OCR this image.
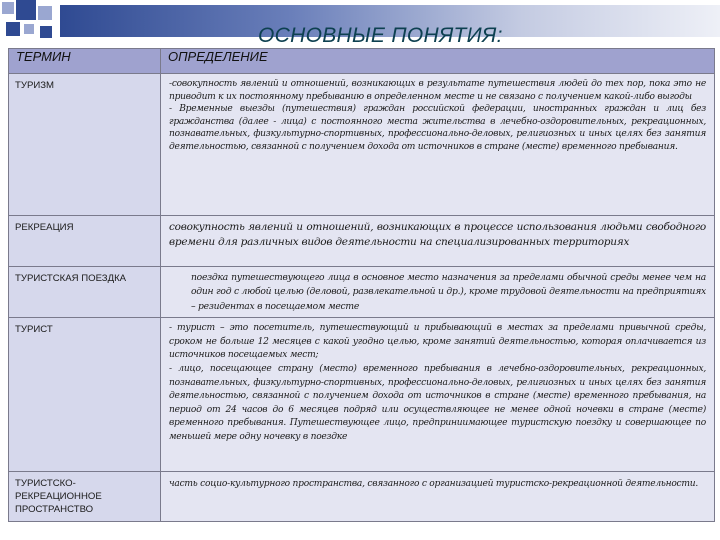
ОСНОВНЫЕ ПОНЯТИЯ:
ТЕРМИН	ОПРЕДЕЛЕНИЕ
ТУРИЗМ	-совокупность явлений и отношений, возникающих в результате путешествия людей до тех пор, пока это не приводит к их постоянному пребыванию в определенном месте и не связано с получением какой-либо выгоды

- Временные выезды (путешествия) граждан российской федерации, иностранных граждан и лиц без гражданства (далее - лица) с постоянного места жительства в лечебно-оздоровительных, рекреационных, познавательных, физкультурно-спортивных, профессионально-деловых, религиозных и иных целях без занятия деятельностью, связанной с получением дохода от источников в стране (месте) временного пребывания.

РЕКРЕАЦИЯ	совокупность явлений и отношений, возникающих в процессе использования людьми свободного времени для различных видов деятельности на специализированных территориях

ТУРИСТСКАЯ ПОЕЗДКА	поездка путешествующего лица в основное место назначения за пределами обычной среды менее чем на один год с любой целью (деловой, развлекательной и др.), кроме трудовой деятельности на предприятиях – резидентах в посещаемом месте

ТУРИСТ	- турист – это посетитель, путешествующий и прибывающий в местах за пределами привычной среды, сроком не больше 12 месяцев с какой угодно целью, кроме занятий деятельностью, которая оплачивается из источников посещаемых мест;

- лицо, посещающее страну (место) временного пребывания в лечебно-оздоровительных, рекреационных, познавательных, физкультурно-спортивных, профессионально-деловых, религиозных и иных целях без занятия деятельностью, связанной с получением дохода от источников в стране (месте) временного пребывания, на период от 24 часов до 6 месяцев подряд или осуществляющее не менее одной ночевки в стране (месте) временного пребывания. Путешествующее лицо, предприниимающее туристскую поездку и совершающее по меньшей мере одну ночевку в поездке

ТУРИСТСКО-РЕКРЕАЦИОННОЕ ПРОСТРАНСТВО	часть социо-культурного пространства, связанного с организацией туристско-рекреационной деятельности.
